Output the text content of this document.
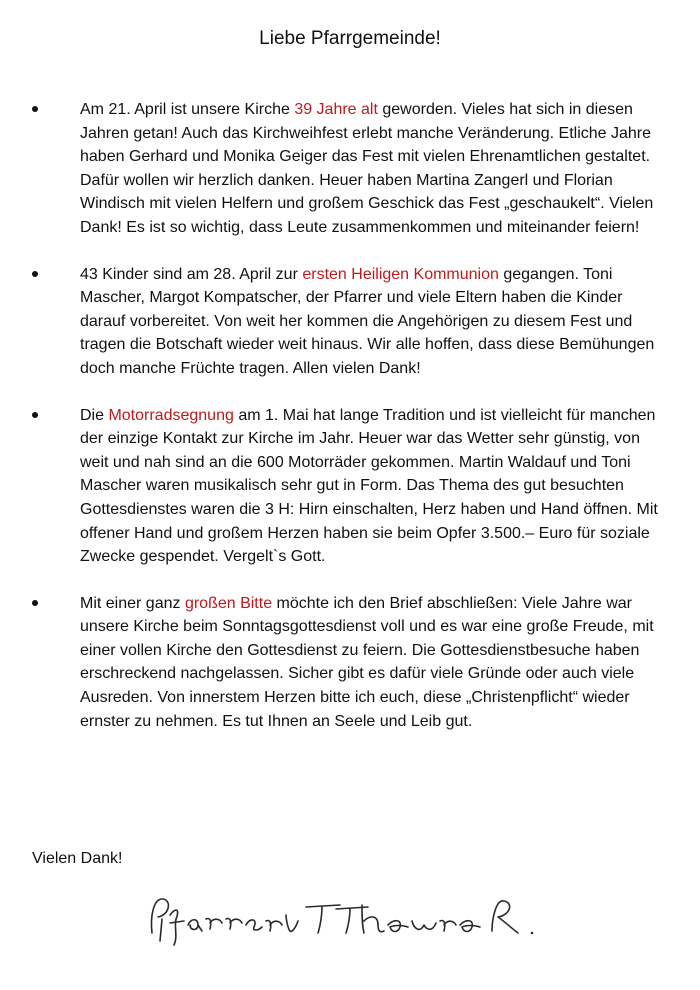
Liebe Pfarrgemeinde!
Am 21. April ist unsere Kirche 39 Jahre alt geworden. Vieles hat sich in diesen Jahren getan! Auch das Kirchweihfest erlebt manche Veränderung. Etliche Jahre haben Gerhard und Monika Geiger das Fest mit vielen Ehrenamtlichen gestaltet. Dafür wollen wir herzlich danken. Heuer haben Martina Zangerl und Florian Windisch mit vielen Helfern und großem Geschick das Fest „geschaukelt“. Vielen Dank! Es ist so wichtig, dass Leute zusammenkommen und miteinander feiern!
43 Kinder sind am 28. April zur ersten Heiligen Kommunion gegangen. Toni Mascher, Margot Kompatscher, der Pfarrer und viele Eltern haben die Kinder darauf vorbereitet. Von weit her kommen die Angehörigen zu diesem Fest und tragen die Botschaft wieder weit hinaus. Wir alle hoffen, dass diese Bemühungen doch manche Früchte tragen. Allen vielen Dank!
Die Motorradsegnung am 1. Mai hat lange Tradition und ist vielleicht für manchen der einzige Kontakt zur Kirche im Jahr. Heuer war das Wetter sehr günstig, von weit und nah sind an die 600 Motorräder gekommen. Martin Waldauf und Toni Mascher waren musikalisch sehr gut in Form. Das Thema des gut besuchten Gottesdienstes waren die 3 H: Hirn einschalten, Herz haben und Hand öffnen. Mit offener Hand und großem Herzen haben sie beim Opfer 3.500.– Euro für soziale Zwecke gespendet. Vergelt`s Gott.
Mit einer ganz großen Bitte möchte ich den Brief abschließen: Viele Jahre war unsere Kirche beim Sonntagsgottesdienst voll und es war eine große Freude, mit einer vollen Kirche den Gottesdienst zu feiern. Die Gottesdienstbesuche haben erschreckend nachgelassen. Sicher gibt es dafür viele Gründe oder auch viele Ausreden. Von innerstem Herzen bitte ich euch, diese „Christenpflicht“ wieder ernster zu nehmen. Es tut Ihnen an Seele und Leib gut.
Vielen Dank!
